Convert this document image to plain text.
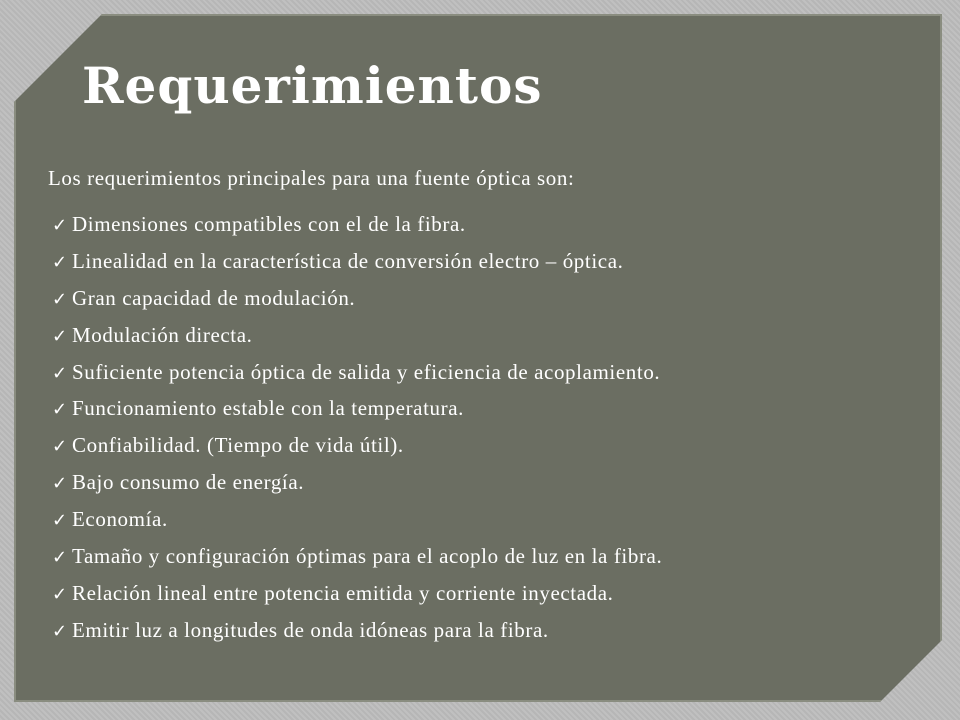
Requerimientos
Los requerimientos principales para una fuente óptica son:
✓ Dimensiones compatibles con el de la fibra.
✓ Linealidad en la característica de conversión electro – óptica.
✓ Gran capacidad de modulación.
✓ Modulación directa.
✓ Suficiente potencia óptica de salida y eficiencia de acoplamiento.
✓ Funcionamiento estable con la temperatura.
✓ Confiabilidad. (Tiempo de vida útil).
✓ Bajo consumo de energía.
✓ Economía.
✓ Tamaño y configuración óptimas para el acoplo de luz en la fibra.
✓ Relación lineal entre potencia emitida y corriente inyectada.
✓ Emitir luz a longitudes de onda idóneas para la fibra.
